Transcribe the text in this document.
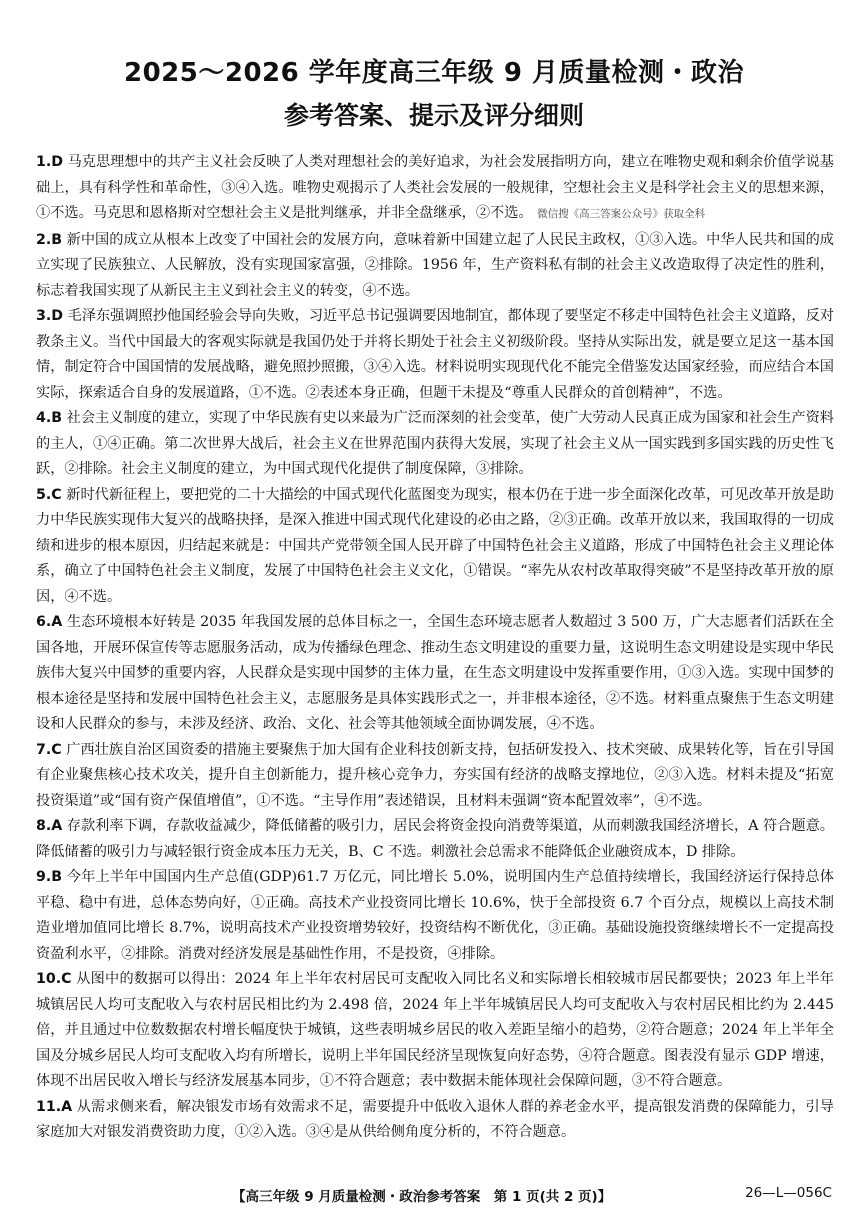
2025～2026 学年度高三年级 9 月质量检测・政治
参考答案、提示及评分细则

1.D 马克思理想中的共产主义社会反映了人类对理想社会的美好追求，为社会发展指明方向，建立在唯物史观和剩余价值学说基础上，具有科学性和革命性，③④入选。唯物史观揭示了人类社会发展的一般规律，空想社会主义是科学社会主义的思想来源，①不选。马克思和恩格斯对空想社会主义是批判继承，并非全盘继承，②不选。 微信搜《高三答案公众号》获取全科

2.B 新中国的成立从根本上改变了中国社会的发展方向，意味着新中国建立起了人民民主政权，①③入选。中华人民共和国的成立实现了民族独立、人民解放，没有实现国家富强，②排除。1956 年，生产资料私有制的社会主义改造取得了决定性的胜利，标志着我国实现了从新民主主义到社会主义的转变，④不选。

3.D 毛泽东强调照抄他国经验会导向失败，习近平总书记强调要因地制宜，都体现了要坚定不移走中国特色社会主义道路，反对教条主义。当代中国最大的客观实际就是我国仍处于并将长期处于社会主义初级阶段。坚持从实际出发，就是要立足这一基本国情，制定符合中国国情的发展战略，避免照抄照搬，③④入选。材料说明实现现代化不能完全借鉴发达国家经验，而应结合本国实际，探索适合自身的发展道路，①不选。②表述本身正确，但题干未提及“尊重人民群众的首创精神”，不选。

4.B 社会主义制度的建立，实现了中华民族有史以来最为广泛而深刻的社会变革，使广大劳动人民真正成为国家和社会生产资料的主人，①④正确。第二次世界大战后，社会主义在世界范围内获得大发展，实现了社会主义从一国实践到多国实践的历史性飞跃，②排除。社会主义制度的建立，为中国式现代化提供了制度保障，③排除。

5.C 新时代新征程上，要把党的二十大描绘的中国式现代化蓝图变为现实，根本仍在于进一步全面深化改革，可见改革开放是助力中华民族实现伟大复兴的战略抉择，是深入推进中国式现代化建设的必由之路，②③正确。改革开放以来，我国取得的一切成绩和进步的根本原因，归结起来就是：中国共产党带领全国人民开辟了中国特色社会主义道路，形成了中国特色社会主义理论体系，确立了中国特色社会主义制度，发展了中国特色社会主义文化，①错误。“率先从农村改革取得突破”不是坚持改革开放的原因，④不选。

6.A 生态环境根本好转是 2035 年我国发展的总体目标之一，全国生态环境志愿者人数超过 3 500 万，广大志愿者们活跃在全国各地，开展环保宣传等志愿服务活动，成为传播绿色理念、推动生态文明建设的重要力量，这说明生态文明建设是实现中华民族伟大复兴中国梦的重要内容，人民群众是实现中国梦的主体力量，在生态文明建设中发挥重要作用，①③入选。实现中国梦的根本途径是坚持和发展中国特色社会主义，志愿服务是具体实践形式之一，并非根本途径，②不选。材料重点聚焦于生态文明建设和人民群众的参与，未涉及经济、政治、文化、社会等其他领域全面协调发展，④不选。

7.C 广西壮族自治区国资委的措施主要聚焦于加大国有企业科技创新支持，包括研发投入、技术突破、成果转化等，旨在引导国有企业聚焦核心技术攻关，提升自主创新能力，提升核心竞争力，夯实国有经济的战略支撑地位，②③入选。材料未提及“拓宽投资渠道”或“国有资产保值增值”，①不选。“主导作用”表述错误，且材料未强调“资本配置效率”，④不选。

8.A 存款利率下调，存款收益减少，降低储蓄的吸引力，居民会将资金投向消费等渠道，从而刺激我国经济增长，A 符合题意。降低储蓄的吸引力与减轻银行资金成本压力无关，B、C 不选。刺激社会总需求不能降低企业融资成本，D 排除。

9.B 今年上半年中国国内生产总值(GDP)61.7 万亿元，同比增长 5.0%，说明国内生产总值持续增长，我国经济运行保持总体平稳、稳中有进，总体态势向好，①正确。高技术产业投资同比增长 10.6%，快于全部投资 6.7 个百分点，规模以上高技术制造业增加值同比增长 8.7%，说明高技术产业投资增势较好，投资结构不断优化，③正确。基础设施投资继续增长不一定提高投资盈利水平，②排除。消费对经济发展是基础性作用，不是投资，④排除。

10.C 从图中的数据可以得出：2024 年上半年农村居民可支配收入同比名义和实际增长相较城市居民都要快；2023 年上半年城镇居民人均可支配收入与农村居民相比约为 2.498 倍，2024 年上半年城镇居民人均可支配收入与农村居民相比约为 2.445 倍，并且通过中位数数据农村增长幅度快于城镇，这些表明城乡居民的收入差距呈缩小的趋势，②符合题意；2024 年上半年全国及分城乡居民人均可支配收入均有所增长，说明上半年国民经济呈现恢复向好态势，④符合题意。图表没有显示 GDP 增速，体现不出居民收入增长与经济发展基本同步，①不符合题意；表中数据未能体现社会保障问题，③不符合题意。

11.A 从需求侧来看，解决银发市场有效需求不足，需要提升中低收入退休人群的养老金水平，提高银发消费的保障能力，引导家庭加大对银发消费资助力度，①②入选。③④是从供给侧角度分析的，不符合题意。

【高三年级 9 月质量检测・政治参考答案　第 1 页(共 2 页)】	26—L—056C
